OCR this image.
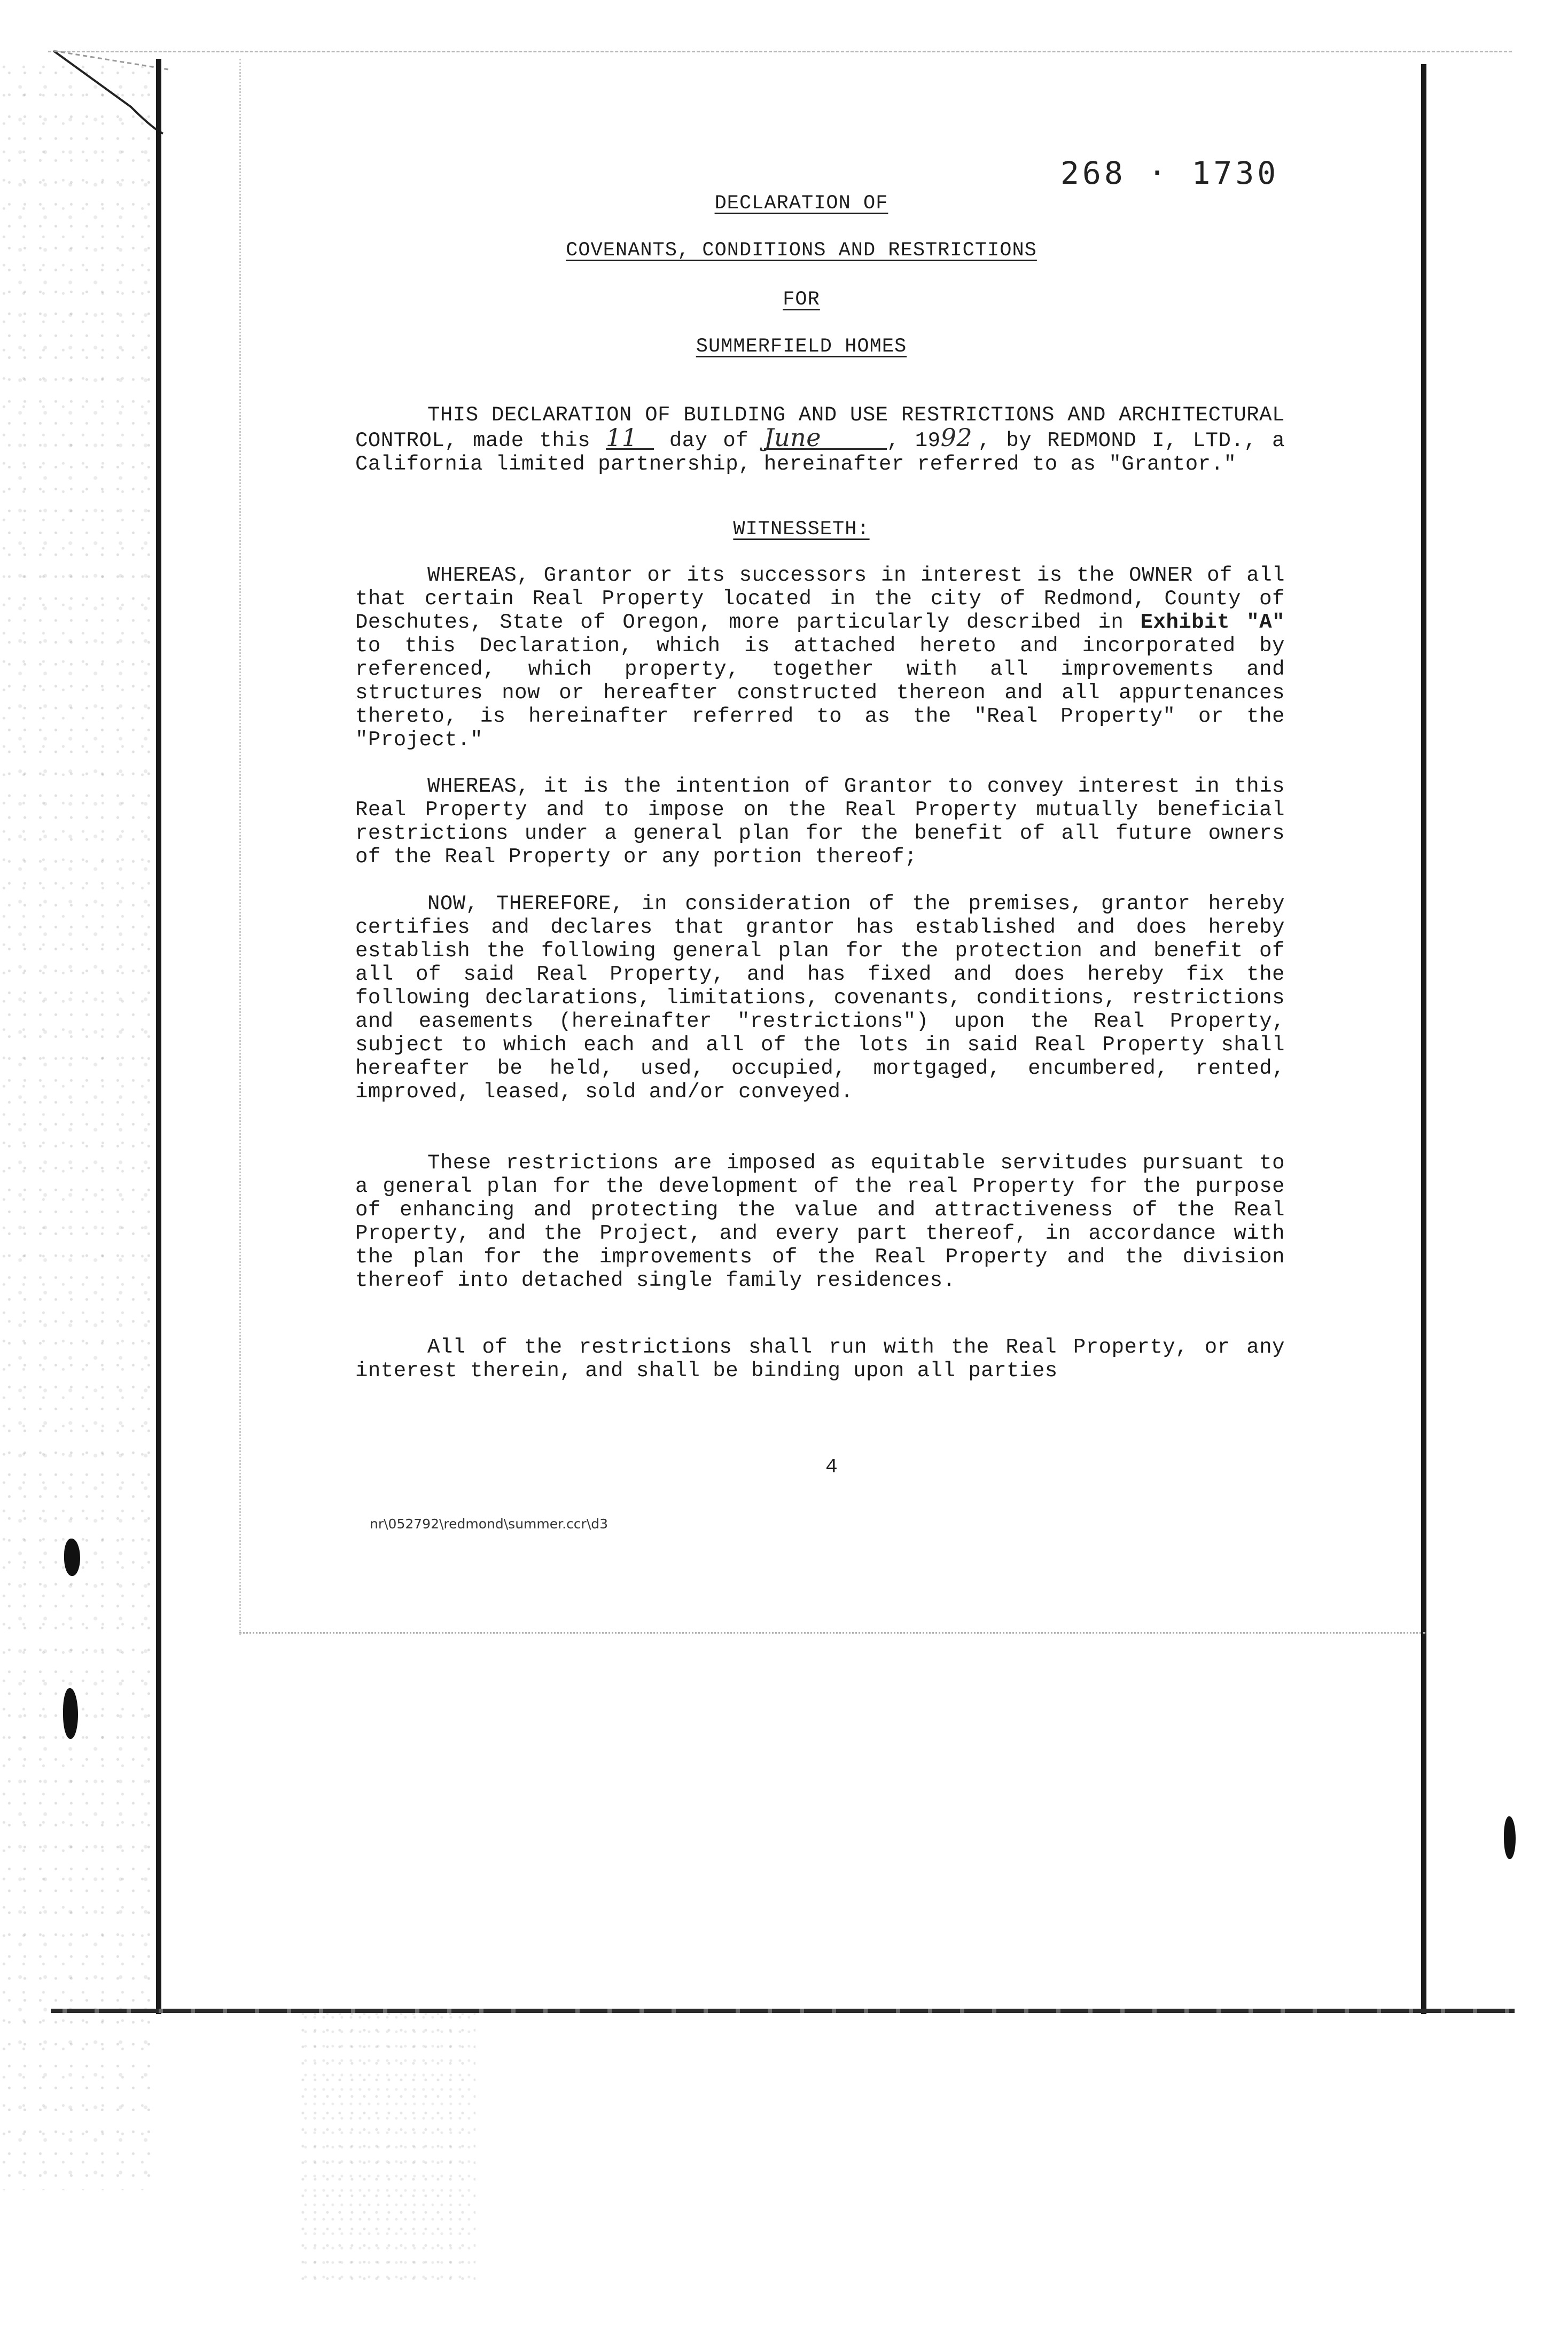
268 · 1730
DECLARATION OF
COVENANTS, CONDITIONS AND RESTRICTIONS
FOR
SUMMERFIELD HOMES
THIS DECLARATION OF BUILDING AND USE RESTRICTIONS AND ARCHITECTURAL CONTROL, made this 11 day of June	, 1992 , by REDMOND I, LTD., a California limited partnership, hereinafter referred to as "Grantor."
WITNESSETH:
WHEREAS, Grantor or its successors in interest is the OWNER of all that certain Real Property located in the city of Redmond, County of Deschutes, State of Oregon, more particularly described in Exhibit "A" to this Declaration, which is attached hereto and incorporated by referenced, which property, together with all improvements and structures now or hereafter constructed thereon and all appurtenances thereto, is hereinafter referred to as the "Real Property" or the "Project."
WHEREAS, it is the intention of Grantor to convey interest in this Real Property and to impose on the Real Property mutually beneficial restrictions under a general plan for the benefit of all future owners of the Real Property or any portion thereof;
NOW, THEREFORE, in consideration of the premises, grantor hereby certifies and declares that grantor has established and does hereby establish the following general plan for the protection and benefit of all of said Real Property, and has fixed and does hereby fix the following declarations, limitations, covenants, conditions, restrictions and easements (hereinafter "restrictions") upon the Real Property, subject to which each and all of the lots in said Real Property shall hereafter be held, used, occupied, mortgaged, encumbered, rented, improved, leased, sold and/or conveyed.
These restrictions are imposed as equitable servitudes pursuant to a general plan for the development of the real Property for the purpose of enhancing and protecting the value and attractiveness of the Real Property, and the Project, and every part thereof, in accordance with the plan for the improvements of the Real Property and the division thereof into detached single family residences.
All of the restrictions shall run with the Real Property, or any interest therein, and shall be binding upon all parties
4
nr\052792\redmond\summer.ccr\d3
